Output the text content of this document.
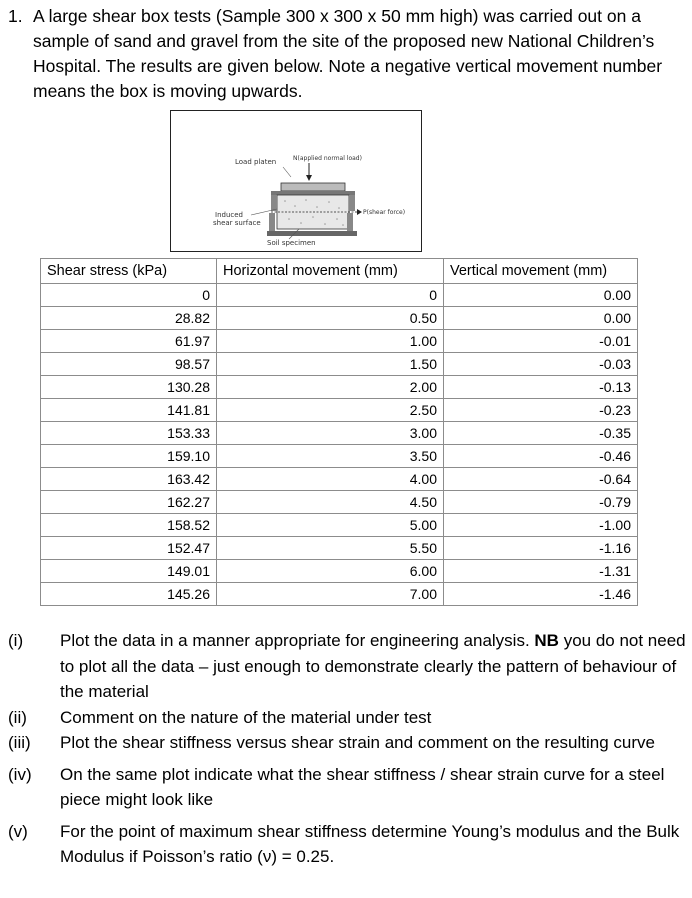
1. A large shear box tests (Sample 300 x 300 x 50 mm high) was carried out on a sample of sand and gravel from the site of the proposed new National Children’s Hospital. The results are given below. Note a negative vertical movement number means the box is moving upwards.
Load platen	N(applied normal load)
P(shear force)
Induced
shear surface
Soil specimen
Shear stress (kPa)	Horizontal movement (mm)	Vertical movement (mm)
0	0	0.00
28.82	0.50	0.00
61.97	1.00	-0.01
98.57	1.50	-0.03
130.28	2.00	-0.13
141.81	2.50	-0.23
153.33	3.00	-0.35
159.10	3.50	-0.46
163.42	4.00	-0.64
162.27	4.50	-0.79
158.52	5.00	-1.00
152.47	5.50	-1.16
149.01	6.00	-1.31
145.26	7.00	-1.46
(i) Plot the data in a manner appropriate for engineering analysis. NB you do not need to plot all the data – just enough to demonstrate clearly the pattern of behaviour of the material
(ii) Comment on the nature of the material under test
(iii) Plot the shear stiffness versus shear strain and comment on the resulting curve
(iv) On the same plot indicate what the shear stiffness / shear strain curve for a steel piece might look like
(v) For the point of maximum shear stiffness determine Young’s modulus and the Bulk Modulus if Poisson’s ratio (ν) = 0.25.
